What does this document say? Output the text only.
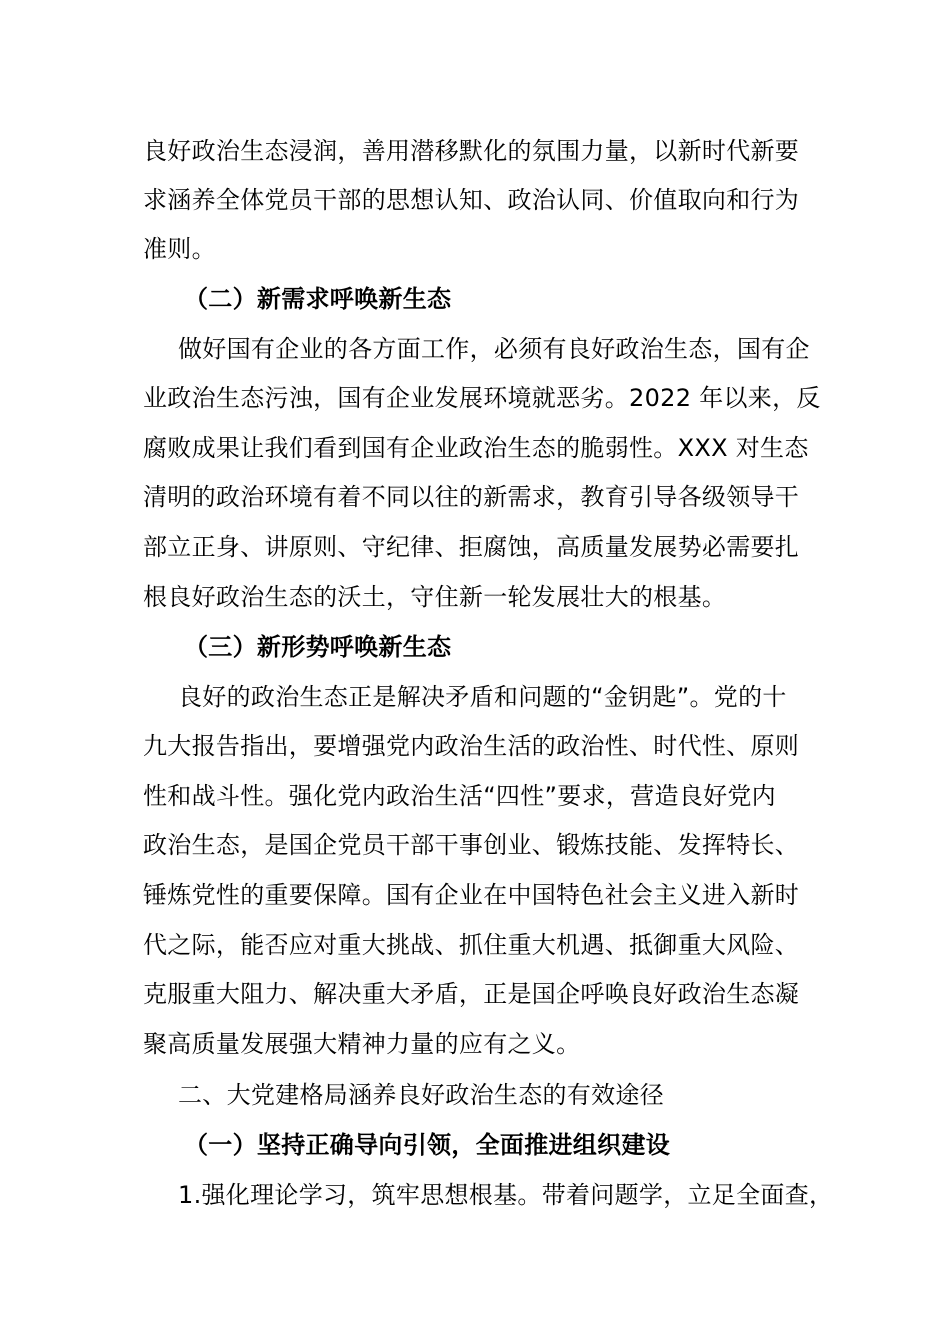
良好政治生态浸润，善用潜移默化的氛围力量，以新时代新要
求涵养全体党员干部的思想认知、政治认同、价值取向和行为
准则。
（二）新需求呼唤新生态
做好国有企业的各方面工作，必须有良好政治生态，国有企
业政治生态污浊，国有企业发展环境就恶劣。2022 年以来，反
腐败成果让我们看到国有企业政治生态的脆弱性。XXX 对生态
清明的政治环境有着不同以往的新需求，教育引导各级领导干
部立正身、讲原则、守纪律、拒腐蚀，高质量发展势必需要扎
根良好政治生态的沃土，守住新一轮发展壮大的根基。
（三）新形势呼唤新生态
良好的政治生态正是解决矛盾和问题的“金钥匙”。党的十
九大报告指出，要增强党内政治生活的政治性、时代性、原则
性和战斗性。强化党内政治生活“四性”要求，营造良好党内
政治生态，是国企党员干部干事创业、锻炼技能、发挥特长、
锤炼党性的重要保障。国有企业在中国特色社会主义进入新时
代之际，能否应对重大挑战、抓住重大机遇、抵御重大风险、
克服重大阻力、解决重大矛盾，正是国企呼唤良好政治生态凝
聚高质量发展强大精神力量的应有之义。
二、大党建格局涵养良好政治生态的有效途径
（一）坚持正确导向引领，全面推进组织建设
1.强化理论学习，筑牢思想根基。带着问题学，立足全面查，
